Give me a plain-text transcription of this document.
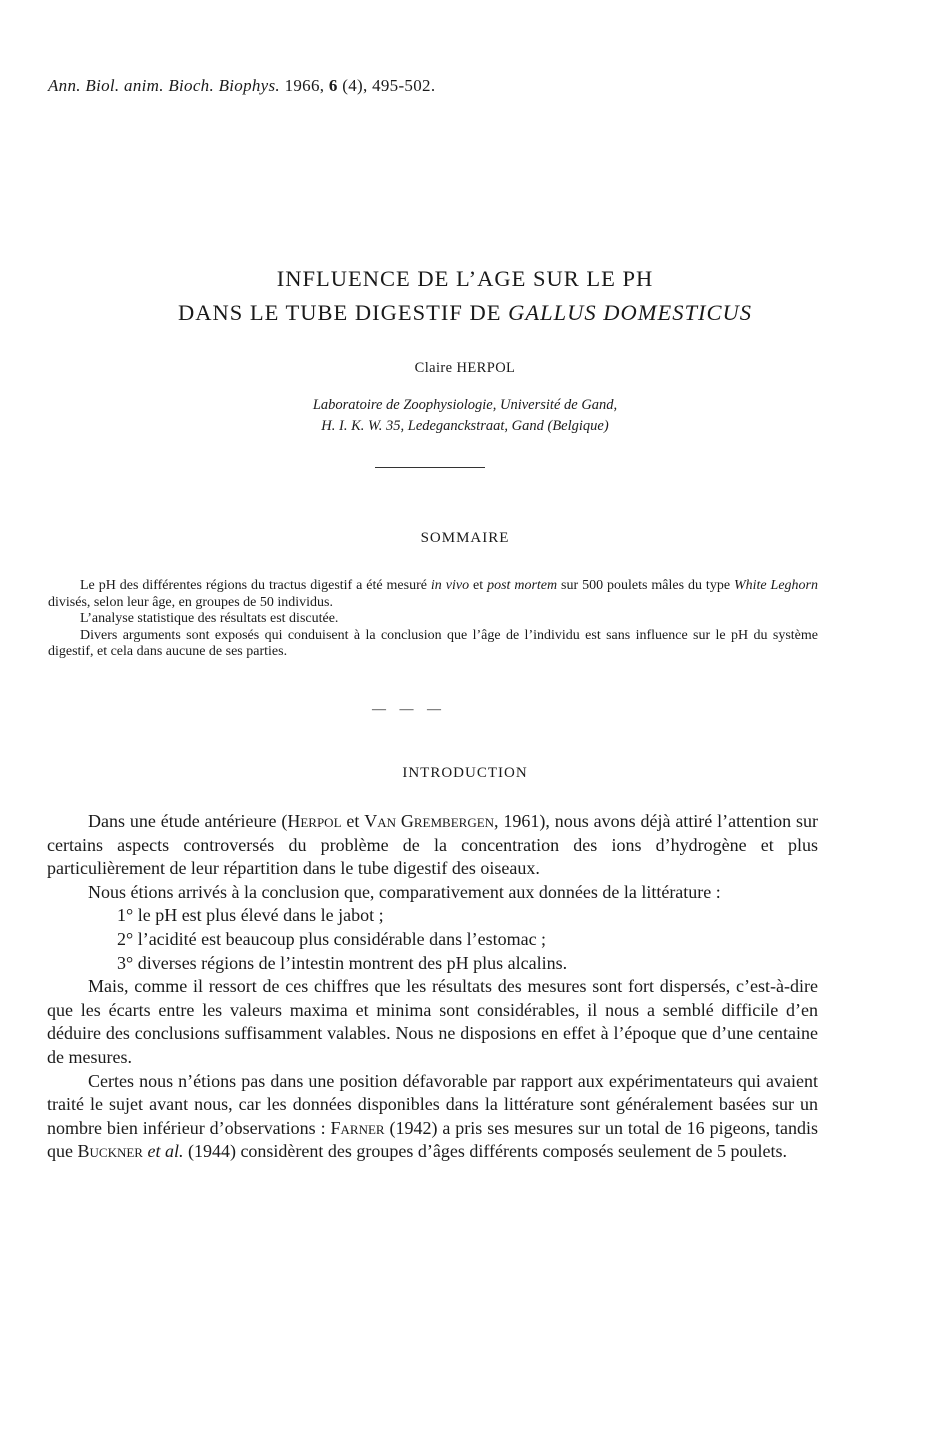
Ann. Biol. anim. Bioch. Biophys. 1966, 6 (4), 495-502.
INFLUENCE DE L’AGE SUR LE PH
DANS LE TUBE DIGESTIF DE GALLUS DOMESTICUS
Claire HERPOL
Laboratoire de Zoophysiologie, Université de Gand,
H. I. K. W. 35, Ledeganckstraat, Gand (Belgique)
SOMMAIRE

Le pH des différentes régions du tractus digestif a été mesuré in vivo et post mortem sur 500 poulets mâles du type White Leghorn divisés, selon leur âge, en groupes de 50 individus.

L’analyse statistique des résultats est discutée.

Divers arguments sont exposés qui conduisent à la conclusion que l’âge de l’individu est sans influence sur le pH du système digestif, et cela dans aucune de ses parties.

— — —
INTRODUCTION

Dans une étude antérieure (Herpol et Van Grembergen, 1961), nous avons déjà attiré l’attention sur certains aspects controversés du problème de la concentration des ions d’hydrogène et plus particulièrement de leur répartition dans le tube digestif des oiseaux.

Nous étions arrivés à la conclusion que, comparativement aux données de la littérature :

1° le pH est plus élevé dans le jabot ;

2° l’acidité est beaucoup plus considérable dans l’estomac ;

3° diverses régions de l’intestin montrent des pH plus alcalins.

Mais, comme il ressort de ces chiffres que les résultats des mesures sont fort dispersés, c’est-à-dire que les écarts entre les valeurs maxima et minima sont considérables, il nous a semblé difficile d’en déduire des conclusions suffisamment valables. Nous ne disposions en effet à l’époque que d’une centaine de mesures.

Certes nous n’étions pas dans une position défavorable par rapport aux expérimentateurs qui avaient traité le sujet avant nous, car les données disponibles dans la littérature sont généralement basées sur un nombre bien inférieur d’observations : Farner (1942) a pris ses mesures sur un total de 16 pigeons, tandis que Buckner et al. (1944) considèrent des groupes d’âges différents composés seulement de 5 poulets.
